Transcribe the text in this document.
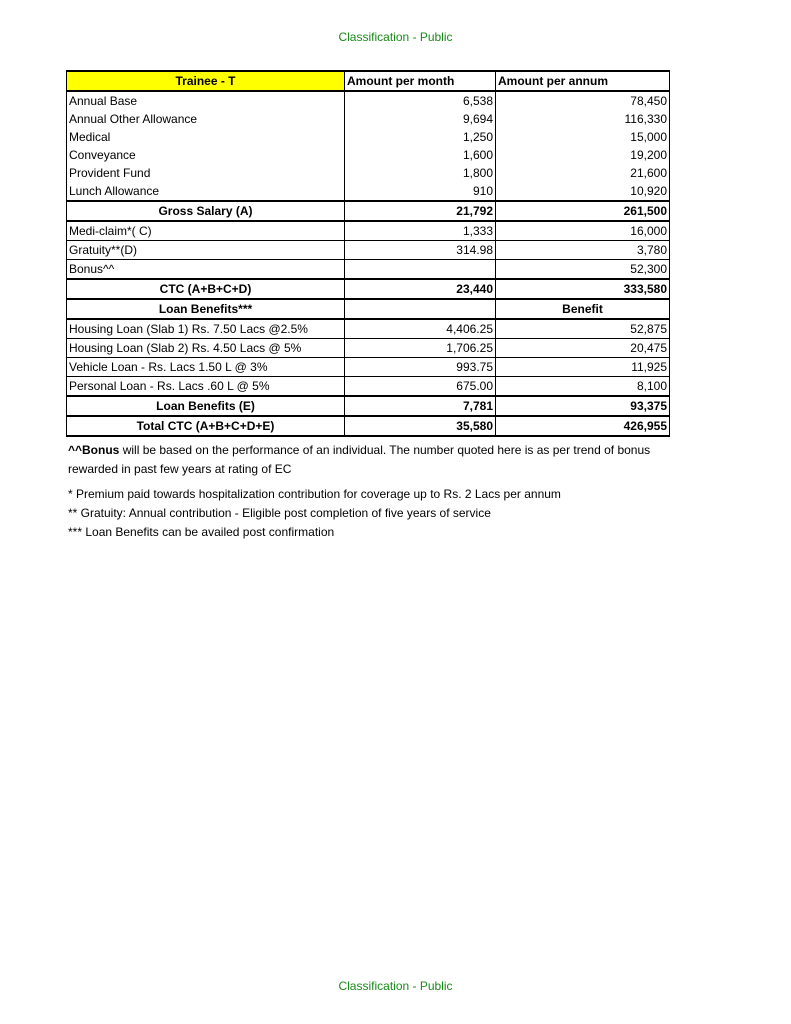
Classification - Public
Trainee - T	Amount per month	Amount per annum
Annual Base	6,538	78,450
Annual Other Allowance	9,694	116,330
Medical	1,250	15,000
Conveyance	1,600	19,200
Provident Fund	1,800	21,600
Lunch Allowance	910	10,920
Gross Salary (A)	21,792	261,500
Medi-claim*( C)	1,333	16,000
Gratuity**(D)	314.98	3,780
Bonus^^		52,300
CTC (A+B+C+D)	23,440	333,580
Loan Benefits***		Benefit
Housing Loan (Slab 1) Rs. 7.50 Lacs @2.5%	4,406.25	52,875
Housing Loan (Slab 2) Rs. 4.50 Lacs @ 5%	1,706.25	20,475
Vehicle Loan - Rs. Lacs 1.50 L @ 3%	993.75	11,925
Personal Loan - Rs. Lacs .60 L @ 5%	675.00	8,100
Loan Benefits (E)	7,781	93,375
Total CTC (A+B+C+D+E)	35,580	426,955

^^Bonus will be based on the performance of an individual. The number quoted here is as per trend of bonus rewarded in past few years at rating of EC

* Premium paid towards hospitalization contribution for coverage up to Rs. 2 Lacs per annum

** Gratuity: Annual contribution - Eligible post completion of five years of service

*** Loan Benefits can be availed post confirmation

Classification - Public
